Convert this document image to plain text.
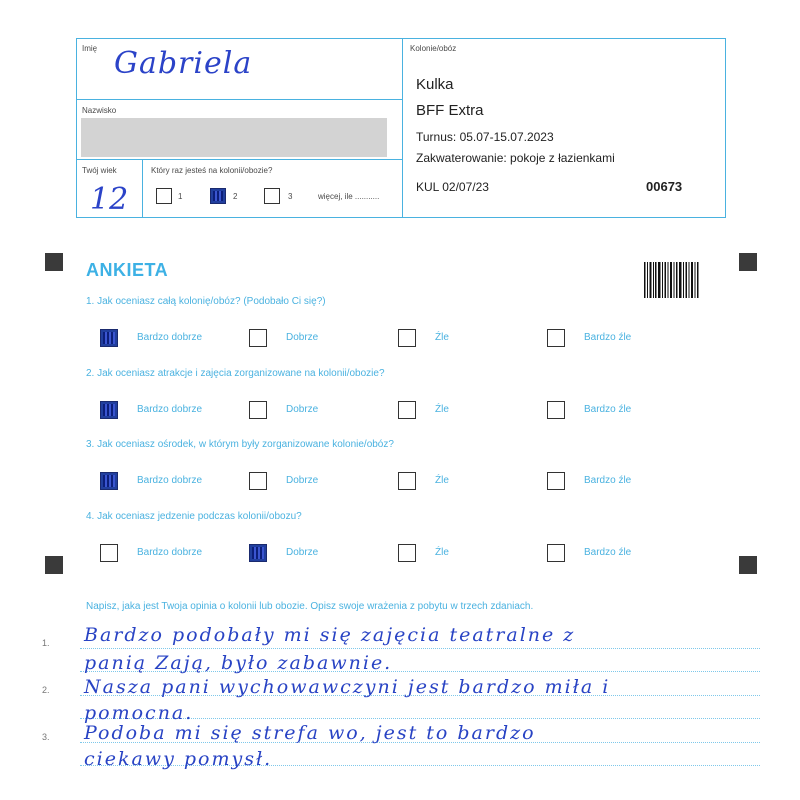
Imię Gabriela
Nazwisko
Twój wiek
12
Który raz jesteś na kolonii/obozie?
1	2	3	więcej, ile ...........
Kolonie/obóz
Kulka
BFF Extra
Turnus: 05.07-15.07.2023
Zakwaterowanie: pokoje z łazienkami
KUL 02/07/23	00673
ANKIETA
1. Jak oceniasz całą kolonię/obóz? (Podobało Ci się?)
Bardzo dobrze	Dobrze	Źle	Bardzo źle
2. Jak oceniasz atrakcje i zajęcia zorganizowane na kolonii/obozie?
Bardzo dobrze	Dobrze	Źle	Bardzo źle
3. Jak oceniasz ośrodek, w którym były zorganizowane kolonie/obóz?
Bardzo dobrze	Dobrze	Źle	Bardzo źle
4. Jak oceniasz jedzenie podczas kolonii/obozu?
Bardzo dobrze	Dobrze	Źle	Bardzo źle
Napisz, jaka jest Twoja opinia o kolonii lub obozie. Opisz swoje wrażenia z pobytu w trzech zdaniach.
1.
2.
3.
Bardzo podobały mi się zajęcia teatralne z
panią Zają, było zabawnie.
Nasza pani wychowawczyni jest bardzo miła i
pomocna.
Podoba mi się strefa wo, jest to bardzo
ciekawy pomysł.
